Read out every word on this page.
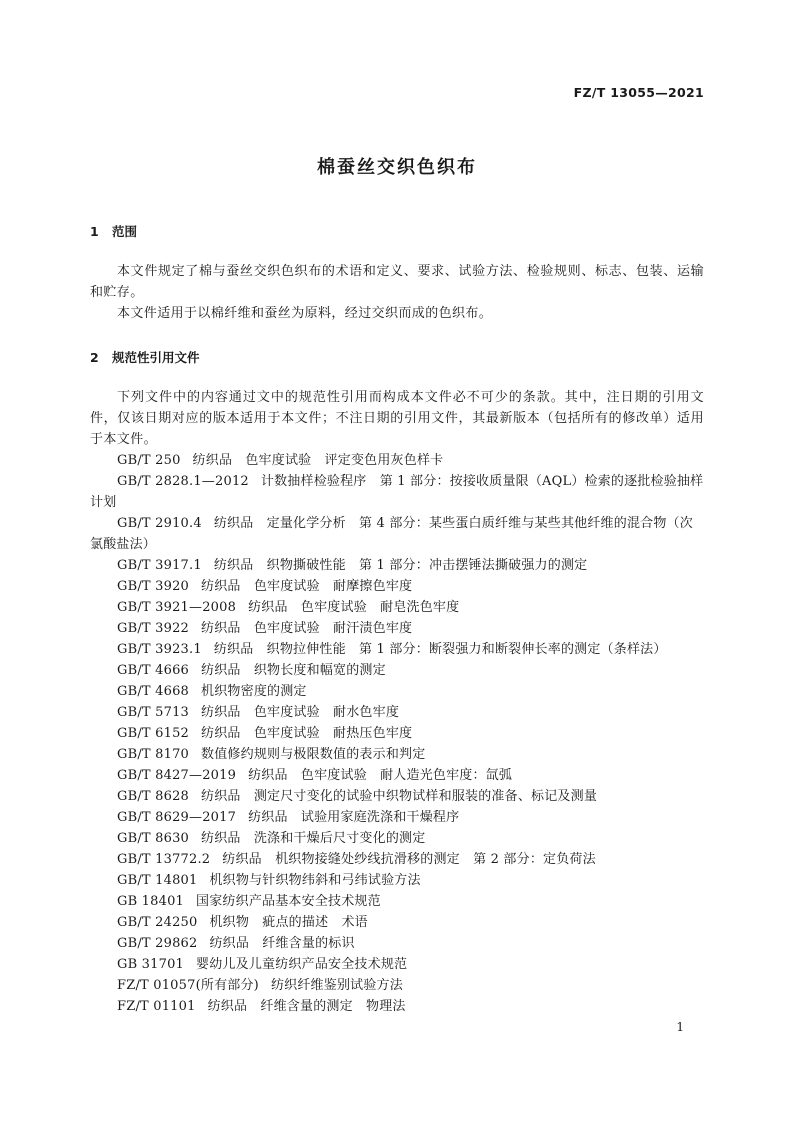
FZ/T 13055—2021
棉蚕丝交织色织布
1 范围
本文件规定了棉与蚕丝交织色织布的术语和定义、要求、试验方法、检验规则、标志、包装、运输和贮存。
本文件适用于以棉纤维和蚕丝为原料，经过交织而成的色织布。
2 规范性引用文件
下列文件中的内容通过文中的规范性引用而构成本文件必不可少的条款。其中，注日期的引用文件，仅该日期对应的版本适用于本文件；不注日期的引用文件，其最新版本（包括所有的修改单）适用于本文件。
GB/T 250 纺织品　色牢度试验　评定变色用灰色样卡
GB/T 2828.1—2012 计数抽样检验程序　第 1 部分：按接收质量限（AQL）检索的逐批检验抽样计划
GB/T 2910.4 纺织品　定量化学分析　第 4 部分：某些蛋白质纤维与某些其他纤维的混合物（次氯酸盐法）
GB/T 3917.1 纺织品　织物撕破性能　第 1 部分：冲击摆锤法撕破强力的测定
GB/T 3920 纺织品　色牢度试验　耐摩擦色牢度
GB/T 3921—2008 纺织品　色牢度试验　耐皂洗色牢度
GB/T 3922 纺织品　色牢度试验　耐汗渍色牢度
GB/T 3923.1 纺织品　织物拉伸性能　第 1 部分：断裂强力和断裂伸长率的测定（条样法）
GB/T 4666 纺织品　织物长度和幅宽的测定
GB/T 4668 机织物密度的测定
GB/T 5713 纺织品　色牢度试验　耐水色牢度
GB/T 6152 纺织品　色牢度试验　耐热压色牢度
GB/T 8170 数值修约规则与极限数值的表示和判定
GB/T 8427—2019 纺织品　色牢度试验　耐人造光色牢度：氙弧
GB/T 8628 纺织品　测定尺寸变化的试验中织物试样和服装的准备、标记及测量
GB/T 8629—2017 纺织品　试验用家庭洗涤和干燥程序
GB/T 8630 纺织品　洗涤和干燥后尺寸变化的测定
GB/T 13772.2 纺织品　机织物接缝处纱线抗滑移的测定　第 2 部分：定负荷法
GB/T 14801 机织物与针织物纬斜和弓纬试验方法
GB 18401 国家纺织产品基本安全技术规范
GB/T 24250 机织物　疵点的描述　术语
GB/T 29862 纺织品　纤维含量的标识
GB 31701 婴幼儿及儿童纺织产品安全技术规范
FZ/T 01057(所有部分) 纺织纤维鉴别试验方法
FZ/T 01101 纺织品　纤维含量的测定　物理法
1
